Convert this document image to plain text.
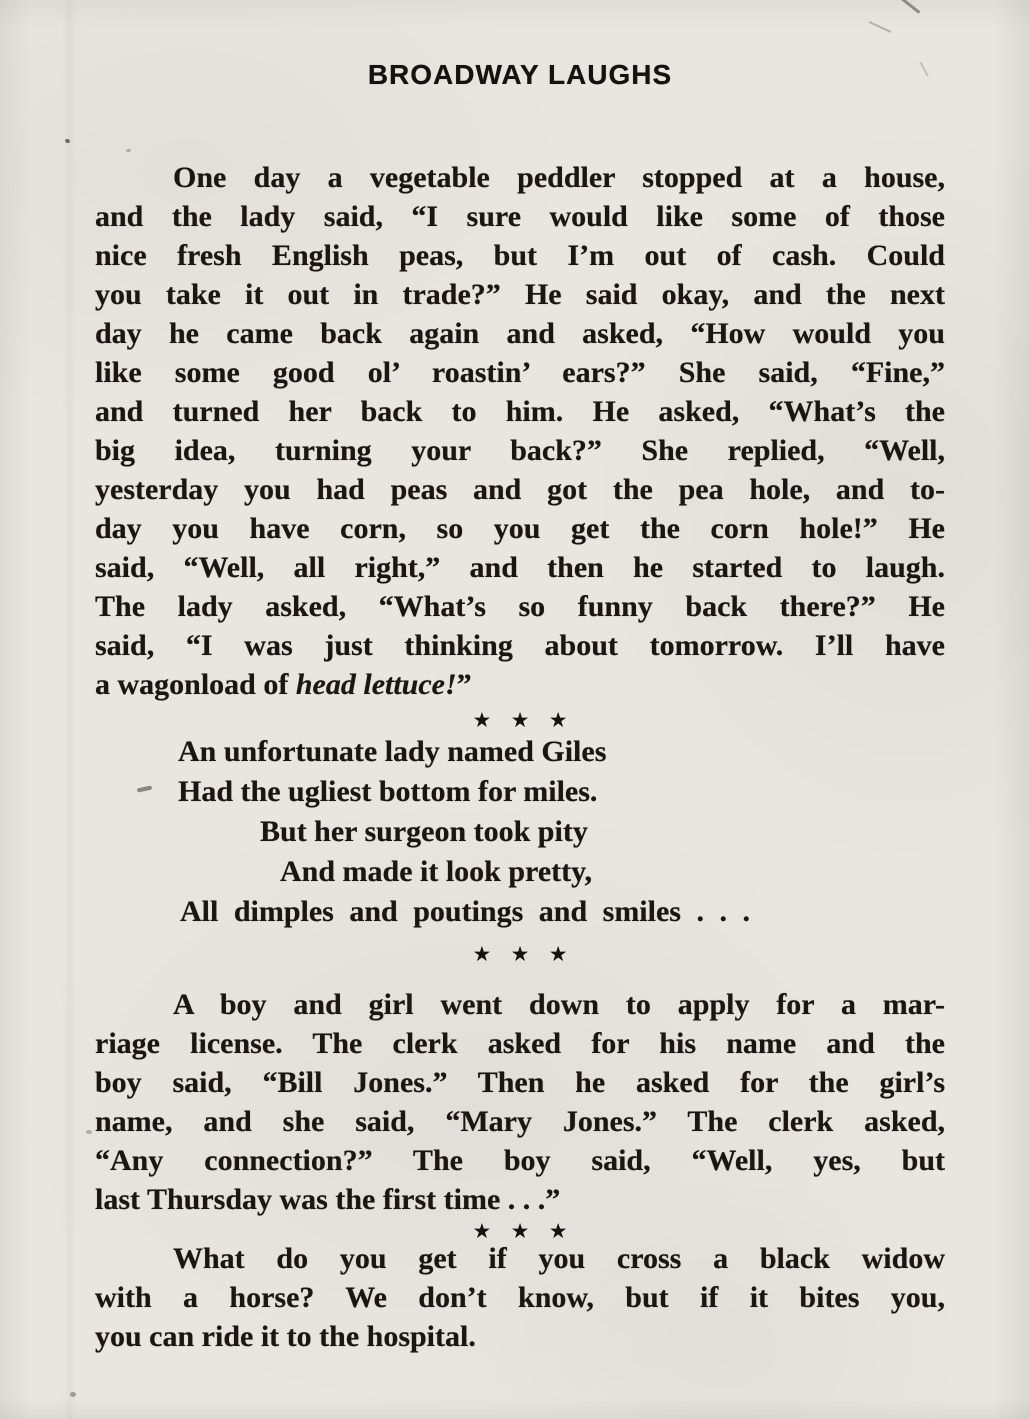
BROADWAY LAUGHS
One day a vegetable peddler stopped at a house,
and the lady said, “I sure would like some of those
nice fresh English peas, but I’m out of cash. Could
you take it out in trade?” He said okay, and the next
day he came back again and asked, “How would you
like some good ol’ roastin’ ears?” She said, “Fine,”
and turned her back to him. He asked, “What’s the
big idea, turning your back?” She replied, “Well,
yesterday you had peas and got the pea hole, and to-
day you have corn, so you get the corn hole!” He
said, “Well, all right,” and then he started to laugh.
The lady asked, “What’s so funny back there?” He
said, “I was just thinking about tomorrow. I’ll have
a wagonload of head lettuce!”
★ ★ ★
An unfortunate lady named Giles
Had the ugliest bottom for miles.
But her surgeon took pity
And made it look pretty,
All dimples and poutings and smiles . . .
★ ★ ★
A boy and girl went down to apply for a mar-
riage license. The clerk asked for his name and the
boy said, “Bill Jones.” Then he asked for the girl’s
name, and she said, “Mary Jones.” The clerk asked,
“Any connection?” The boy said, “Well, yes, but
last Thursday was the first time . . .”
★ ★ ★
What do you get if you cross a black widow
with a horse? We don’t know, but if it bites you,
you can ride it to the hospital.
